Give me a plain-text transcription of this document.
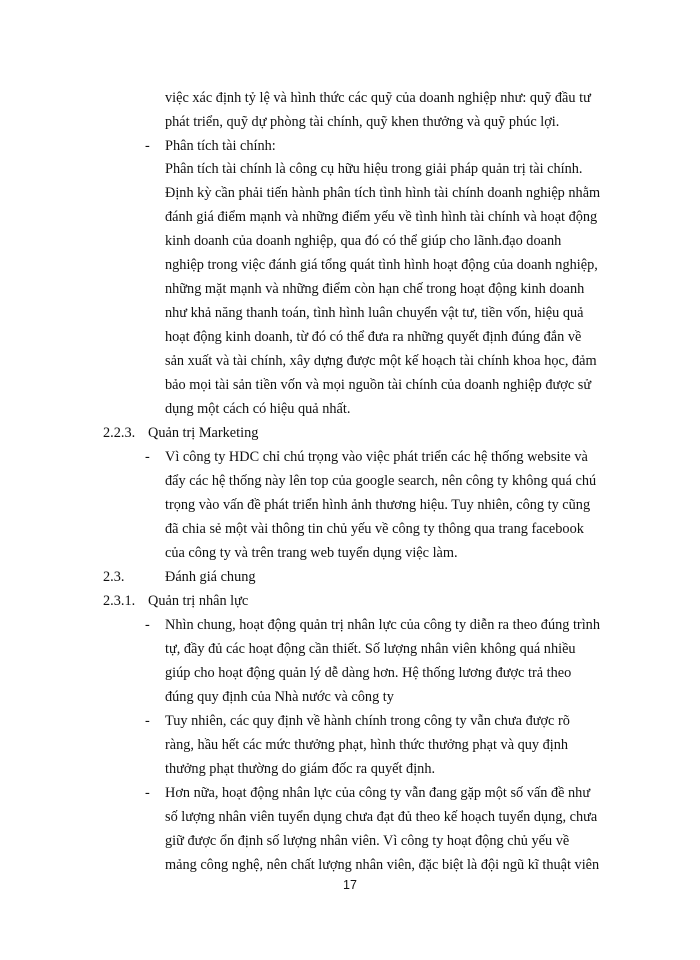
việc xác định tỷ lệ và hình thức các quỹ của doanh nghiệp như: quỹ đầu tư
phát triển, quỹ dự phòng tài chính, quỹ khen thưởng và quỹ phúc lợi.
- Phân tích tài chính:
Phân tích tài chính là công cụ hữu hiệu trong giải pháp quản trị tài chính.
Định kỳ cần phải tiến hành phân tích tình hình tài chính doanh nghiệp nhằm
đánh giá điểm mạnh và những điểm yếu về tình hình tài chính và hoạt động
kinh doanh của doanh nghiệp, qua đó có thể giúp cho lãnh.đạo doanh
nghiệp trong việc đánh giá tổng quát tình hình hoạt động của doanh nghiệp,
những mặt mạnh và những điểm còn hạn chế trong hoạt động kinh doanh
như khả năng thanh toán, tình hình luân chuyển vật tư, tiền vốn, hiệu quả
hoạt động kinh doanh, từ đó có thể đưa ra những quyết định đúng đắn về
sản xuất và tài chính, xây dựng được một kế hoạch tài chính khoa học, đảm
bảo mọi tài sản tiền vốn và mọi nguồn tài chính của doanh nghiệp được sử
dụng một cách có hiệu quả nhất.
2.2.3. Quản trị Marketing
- Vì công ty HDC chỉ chú trọng vào việc phát triển các hệ thống website và
đẩy các hệ thống này lên top của google search, nên công ty không quá chú
trọng vào vấn đề phát triển hình ảnh thương hiệu. Tuy nhiên, công ty cũng
đã chia sẻ một vài thông tin chủ yếu về công ty thông qua trang facebook
của công ty và trên trang web tuyển dụng việc làm.
2.3.	Đánh giá chung
2.3.1. Quản trị nhân lực
- Nhìn chung, hoạt động quản trị nhân lực của công ty diễn ra theo đúng trình
tự, đầy đủ các hoạt động cần thiết. Số lượng nhân viên không quá nhiều
giúp cho hoạt động quản lý dễ dàng hơn. Hệ thống lương được trả theo
đúng quy định của Nhà nước và công ty
- Tuy nhiên, các quy định về hành chính trong công ty vẫn chưa được rõ
ràng, hầu hết các mức thưởng phạt, hình thức thưởng phạt và quy định
thưởng phạt thường do giám đốc ra quyết định.
- Hơn nữa, hoạt động nhân lực của công ty vẫn đang gặp một số vấn đề như
số lượng nhân viên tuyển dụng chưa đạt đủ theo kế hoạch tuyển dụng, chưa
giữ được ổn định số lượng nhân viên. Vì công ty hoạt động chủ yếu về
mảng công nghệ, nên chất lượng nhân viên, đặc biệt là đội ngũ kĩ thuật viên
17
